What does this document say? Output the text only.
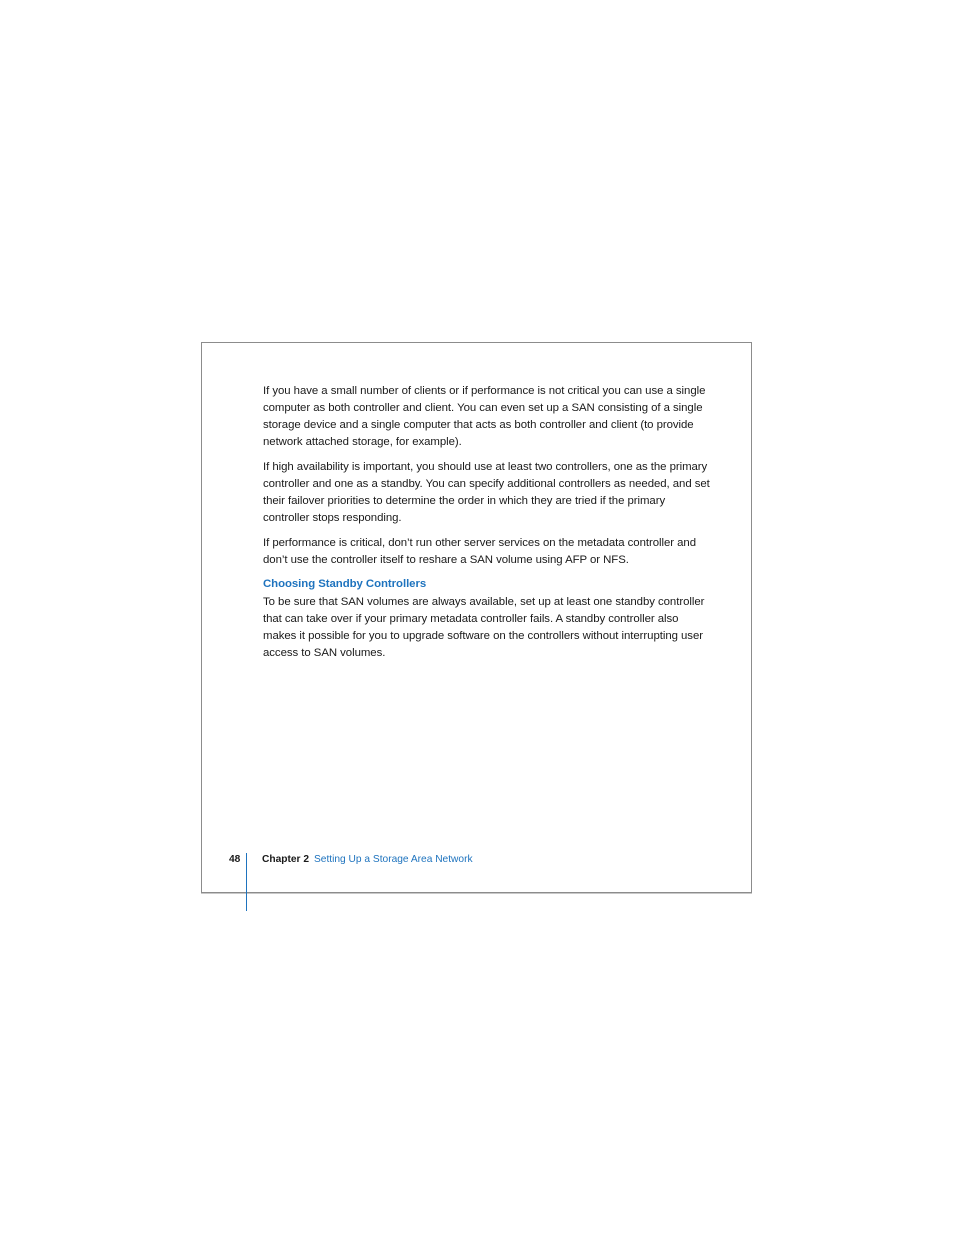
If you have a small number of clients or if performance is not critical you can use a single computer as both controller and client. You can even set up a SAN consisting of a single storage device and a single computer that acts as both controller and client (to provide network attached storage, for example).

If high availability is important, you should use at least two controllers, one as the primary controller and one as a standby. You can specify additional controllers as needed, and set their failover priorities to determine the order in which they are tried if the primary controller stops responding.

If performance is critical, don’t run other server services on the metadata controller and don’t use the controller itself to reshare a SAN volume using AFP or NFS.

Choosing Standby Controllers

To be sure that SAN volumes are always available, set up at least one standby controller that can take over if your primary metadata controller fails. A standby controller also makes it possible for you to upgrade software on the controllers without interrupting user access to SAN volumes.

48 Chapter 2 Setting Up a Storage Area Network
